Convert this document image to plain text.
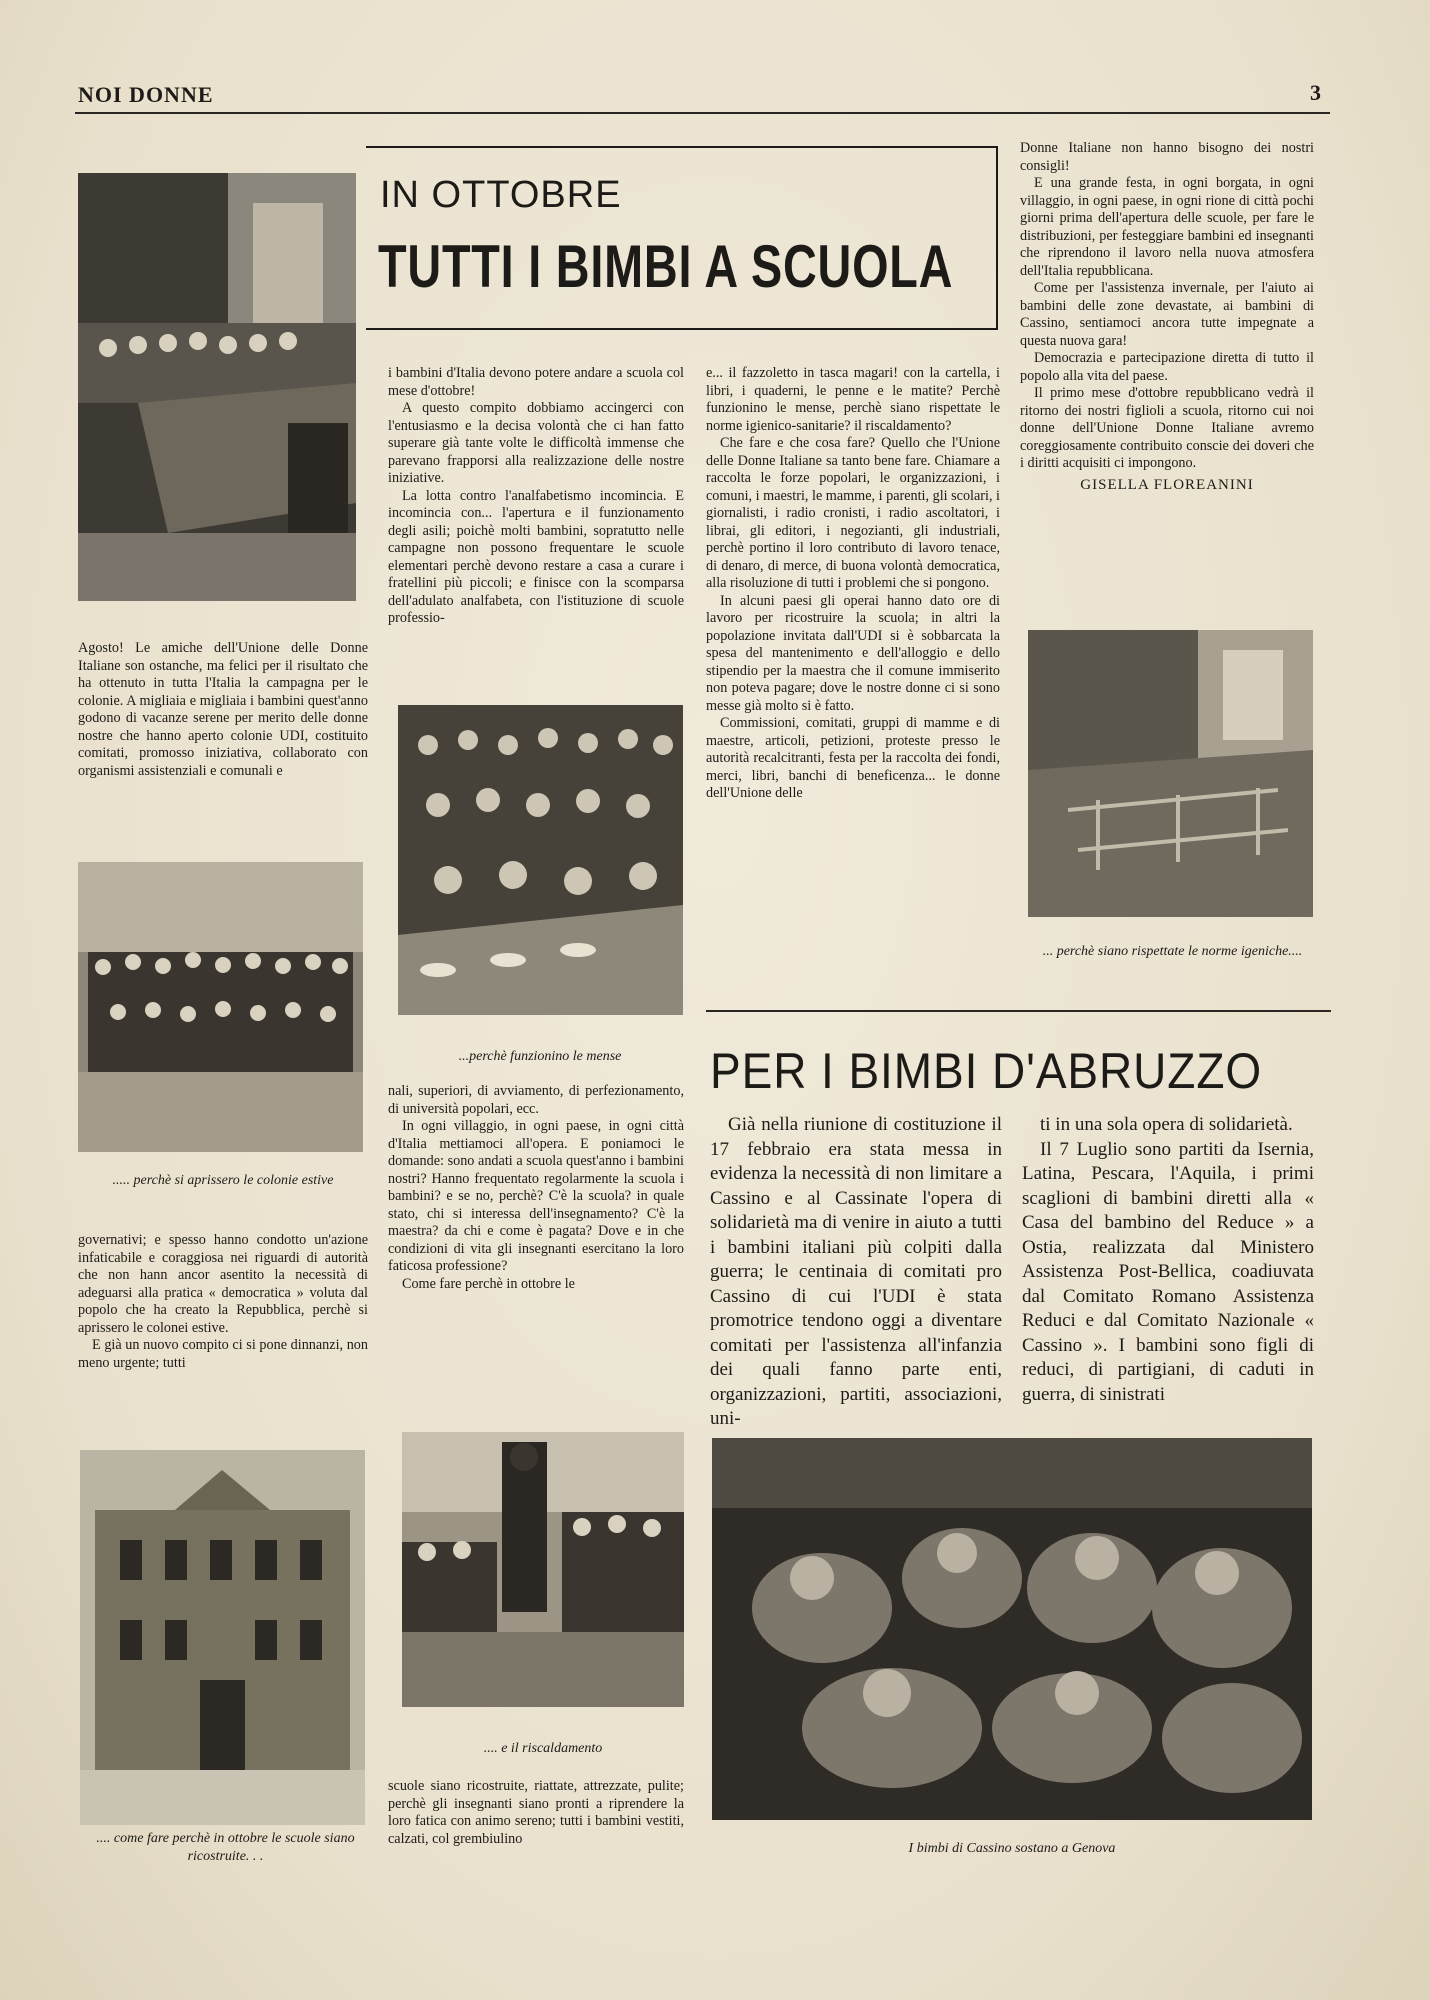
NOI DONNE	3

Agosto! Le amiche dell'Unione delle Donne Italiane son ostanche, ma felici per il risultato che ha ottenuto in tutta l'Italia la campagna per le colonie. A migliaia e migliaia i bambini quest'anno godono di vacanze serene per merito delle donne nostre che hanno aperto colonie UDI, costituito comitati, promosso iniziativa, collaborato con organismi assistenziali e comunali e

..... perchè si aprissero le colonie estive

governativi; e spesso hanno condotto un'azione infaticabile e coraggiosa nei riguardi di autorità che non hann ancor asentito la necessità di adeguarsi alla pratica « democratica » voluta dal popolo che ha creato la Repubblica, perchè si aprissero le colonei estive.

E già un nuovo compito ci si pone dinnanzi, non meno urgente; tutti

.... come fare perchè in ottobre le scuole siano ricostruite. . .
IN OTTOBRE
TUTTI I BIMBI A SCUOLA

i bambini d'Italia devono potere andare a scuola col mese d'ottobre!

A questo compito dobbiamo accingerci con l'entusiasmo e la decisa volontà che ci han fatto superare già tante volte le difficoltà immense che parevano frapporsi alla realizzazione delle nostre iniziative.

La lotta contro l'analfabetismo incomincia. E incomincia con... l'apertura e il funzionamento degli asili; poichè molti bambini, sopratutto nelle campagne non possono frequentare le scuole elementari perchè devono restare a casa a curare i fratellini più piccoli; e finisce con la scomparsa dell'adulato analfabeta, con l'istituzione di scuole professio-

...perchè funzionino le mense

nali, superiori, di avviamento, di perfezionamento, di università popolari, ecc.

In ogni villaggio, in ogni paese, in ogni città d'Italia mettiamoci all'opera. E poniamoci le domande: sono andati a scuola quest'anno i bambini nostri? Hanno frequentato regolarmente la scuola i bambini? e se no, perchè? C'è la scuola? in quale stato, chi si interessa dell'insegnamento? C'è la maestra? da chi e come è pagata? Dove e in che condizioni di vita gli insegnanti esercitano la loro faticosa professione?

Come fare perchè in ottobre le

.... e il riscaldamento

scuole siano ricostruite, riattate, attrezzate, pulite; perchè gli insegnanti siano pronti a riprendere la loro fatica con animo sereno; tutti i bambini vestiti, calzati, col grembiulino

e... il fazzoletto in tasca magari! con la cartella, i libri, i quaderni, le penne e le matite? Perchè funzionino le mense, perchè siano rispettate le norme igienico-sanitarie? il riscaldamento?

Che fare e che cosa fare? Quello che l'Unione delle Donne Italiane sa tanto bene fare. Chiamare a raccolta le forze popolari, le organizzazioni, i comuni, i maestri, le mamme, i parenti, gli scolari, i giornalisti, i radio cronisti, i radio ascoltatori, i librai, gli editori, i negozianti, gli industriali, perchè portino il loro contributo di lavoro tenace, di denaro, di merce, di buona volontà democratica, alla risoluzione di tutti i problemi che si pongono.

In alcuni paesi gli operai hanno dato ore di lavoro per ricostruire la scuola; in altri la popolazione invitata dall'UDI si è sobbarcata la spesa del mantenimento e dell'alloggio e dello stipendio per la maestra che il comune immiserito non poteva pagare; dove le nostre donne ci si sono messe già molto si è fatto.

Commissioni, comitati, gruppi di mamme e di maestre, articoli, petizioni, proteste presso le autorità recalcitranti, festa per la raccolta dei fondi, merci, libri, banchi di beneficenza... le donne dell'Unione delle

Donne Italiane non hanno bisogno dei nostri consigli!

E una grande festa, in ogni borgata, in ogni villaggio, in ogni paese, in ogni rione di città pochi giorni prima dell'apertura delle scuole, per fare le distribuzioni, per festeggiare bambini ed insegnanti che riprendono il lavoro nella nuova atmosfera dell'Italia repubblicana.

Come per l'assistenza invernale, per l'aiuto ai bambini delle zone devastate, ai bambini di Cassino, sentiamoci ancora tutte impegnate a questa nuova gara!

Democrazia e partecipazione diretta di tutto il popolo alla vita del paese.

Il primo mese d'ottobre repubblicano vedrà il ritorno dei nostri figlioli a scuola, ritorno cui noi donne dell'Unione Donne Italiane avremo coreggiosamente contribuito conscie dei doveri che i diritti acquisiti ci impongono.

GISELLA FLOREANINI
... perchè siano rispettate le norme igeniche....
PER I BIMBI D'ABRUZZO

Già nella riunione di costituzione il 17 febbraio era stata messa in evidenza la necessità di non limitare a Cassino e al Cassinate l'opera di solidarietà ma di venire in aiuto a tutti i bambini italiani più colpiti dalla guerra; le centinaia di comitati pro Cassino di cui l'UDI è stata promotrice tendono oggi a diventare comitati per l'assistenza all'infanzia dei quali fanno parte enti, organizzazioni, partiti, associazioni, uni-

ti in una sola opera di solidarietà.

Il 7 Luglio sono partiti da Isernia, Latina, Pescara, l'Aquila, i primi scaglioni di bambini diretti alla « Casa del bambino del Reduce » a Ostia, realizzata dal Ministero Assistenza Post-Bellica, coadiuvata dal Comitato Romano Assistenza Reduci e dal Comitato Nazionale « Cassino ». I bambini sono figli di reduci, di partigiani, di caduti in guerra, di sinistrati

I bimbi di Cassino sostano a Genova
